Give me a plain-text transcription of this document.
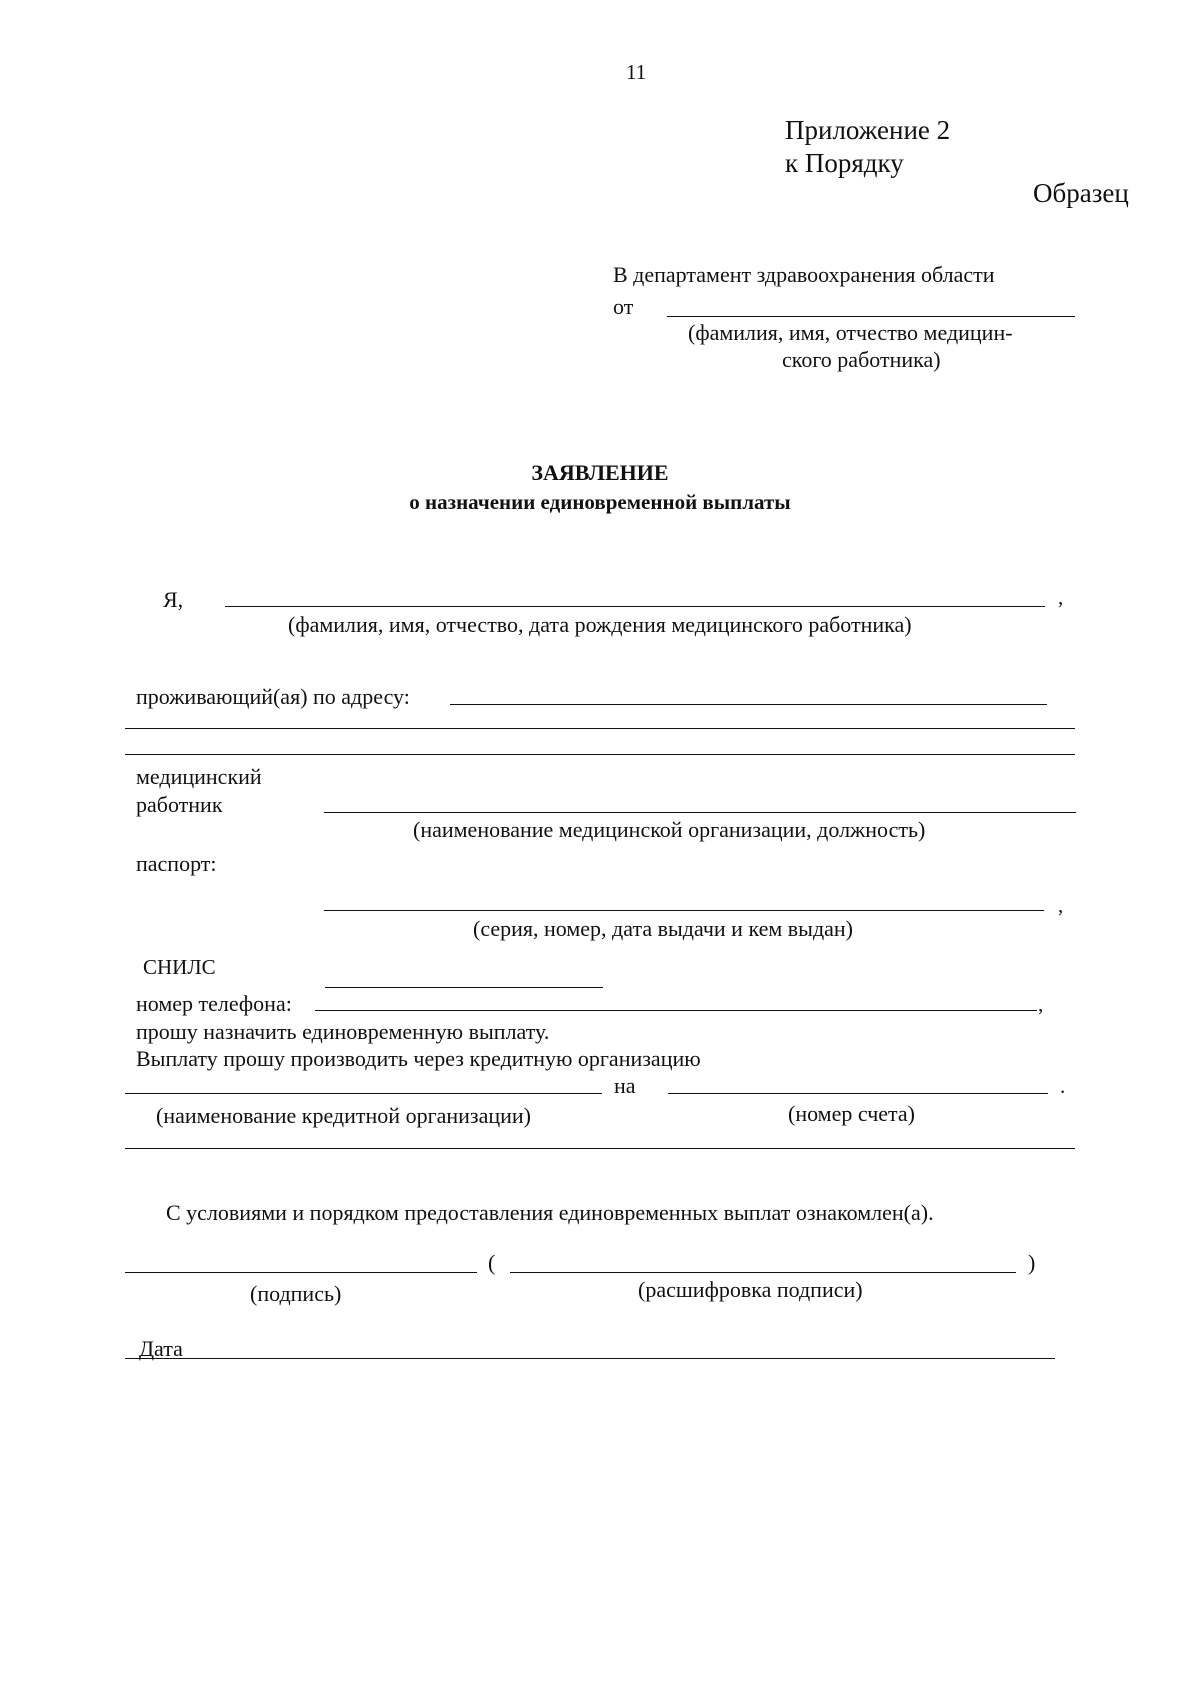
11
Приложение 2
к Порядку
Образец
В департамент здравоохранения области
от
(фамилия, имя, отчество медицин-
ского работника)
ЗАЯВЛЕНИЕ
о назначении единовременной выплаты
Я,	,
(фамилия, имя, отчество, дата рождения медицинского работника)
проживающий(ая) по адресу:
медицинский
работник
(наименование медицинской организации, должность)
паспорт:
,
(серия, номер, дата выдачи и кем выдан)
СНИЛС
номер телефона:	,
прошу назначить единовременную выплату.
Выплату прошу производить через кредитную организацию
на	.
(наименование кредитной организации)	(номер счета)
С условиями и порядком предоставления единовременных выплат ознакомлен(а).
(	)
(подпись)	(расшифровка подписи)
Дата
